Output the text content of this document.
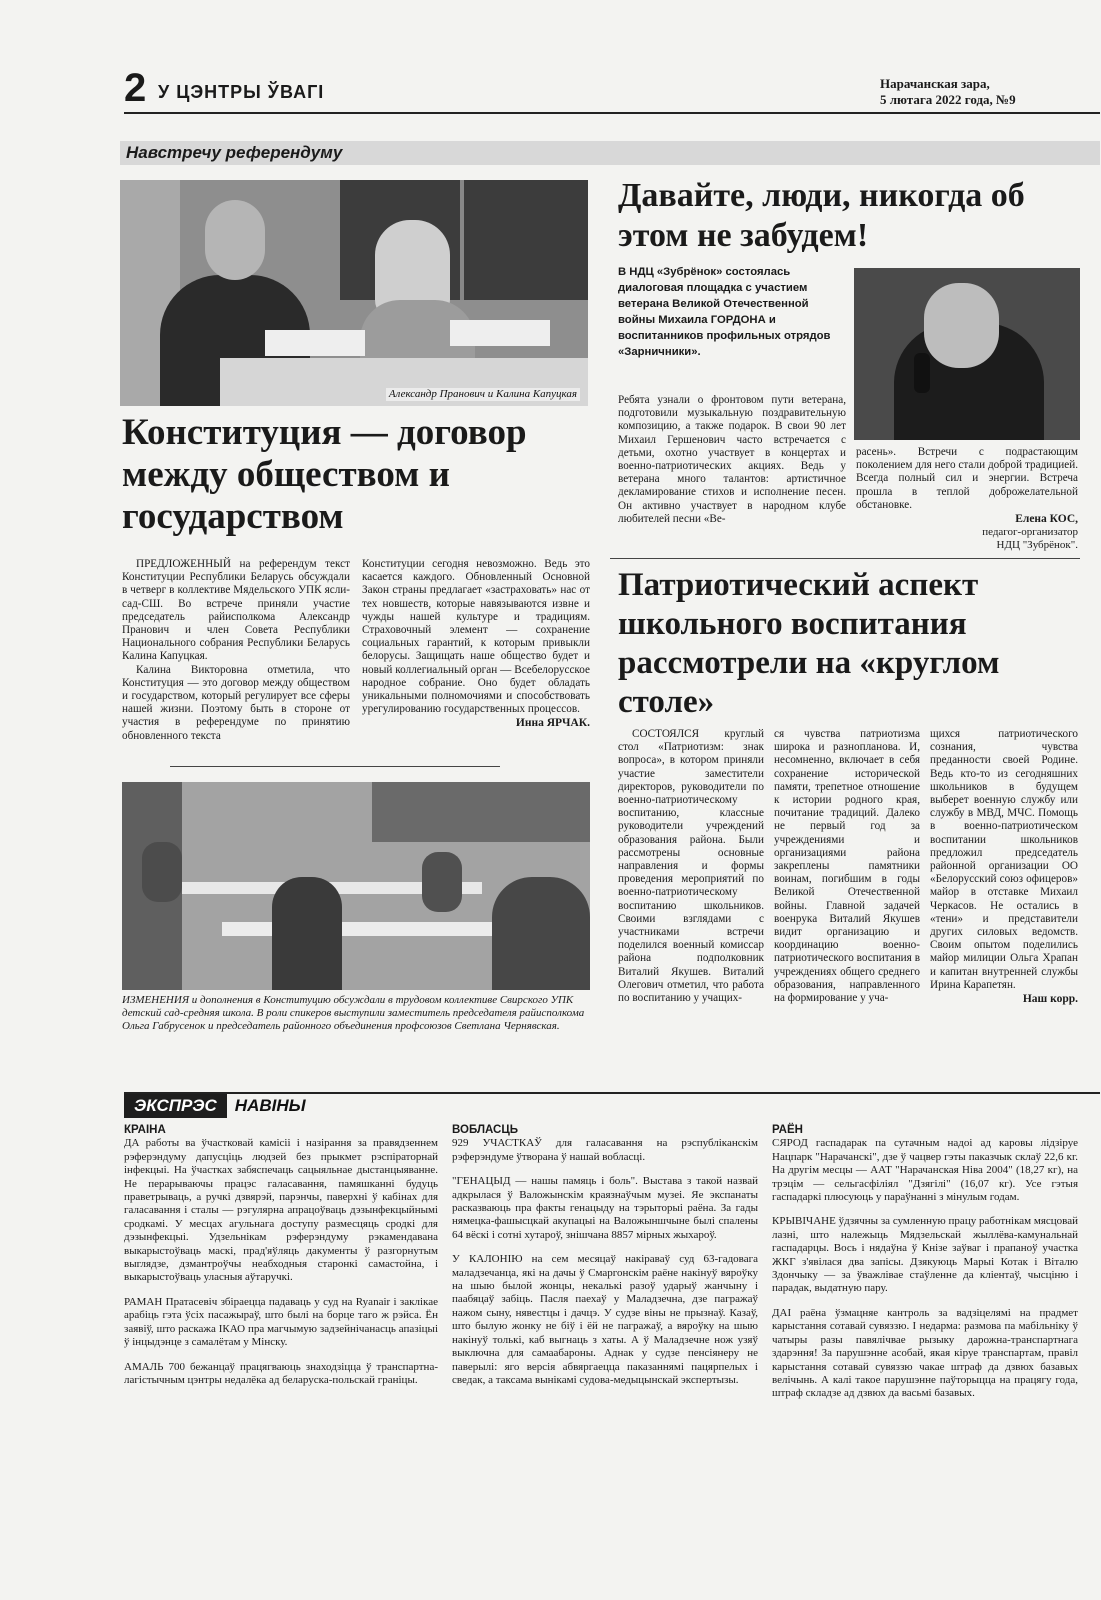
2 У ЦЭНТРЫ ЎВАГІ	Нарачанская зара,
5 лютага 2022 года, №9
Навстречу референдуму
Александр Пранович и Калина Капуцкая
Конституция — договор между обществом и государством

ПРЕДЛОЖЕННЫЙ на референдум текст Конституции Республики Беларусь обсуждали в четверг в коллективе Мядельского УПК ясли-сад-СШ. Во встрече приняли участие председатель райисполкома Александр Пранович и член Совета Республики Национального собрания Республики Беларусь Калина Капуцкая.

Калина Викторовна отметила, что Конституция — это договор между обществом и государством, который регулирует все сферы нашей жизни. Поэтому быть в стороне от участия в референдуме по принятию обновленного текста

Конституции сегодня невозможно. Ведь это касается каждого. Обновленный Основной Закон страны предлагает «застраховать» нас от тех новшеств, которые навязываются извне и чужды нашей культуре и традициям. Страховочный элемент — сохранение социальных гарантий, к которым привыкли белорусы. Защищать наше общество будет и новый коллегиальный орган — Всебелорусское народное собрание. Оно будет обладать уникальными полномочиями и способствовать урегулированию государственных процессов.

Инна ЯРЧАК.
ИЗМЕНЕНИЯ и дополнения в Конституцию обсуждали в трудовом коллективе Свирского УПК детский сад-средняя школа. В роли спикеров выступили заместитель председателя райисполкома Ольга Габрусенок и председатель районного объединения профсоюзов Светлана Чернявская.
Давайте, люди, никогда об этом не забудем!
В НДЦ «Зубрёнок» состоялась диалоговая площадка с участием ветерана Великой Отечественной войны Михаила ГОРДОНА и воспитанников профильных отрядов «Зарничники».
Ребята узнали о фронтовом пути ветерана, подготовили музыкальную поздравительную композицию, а также подарок. В свои 90 лет Михаил Гершенович часто встречается с детьми, охотно участвует в концертах и военно-патриотических акциях. Ведь у ветерана много талантов: артистичное декламирование стихов и исполнение песен. Он активно участвует в народном клубе любителей песни «Ве-
расень». Встречи с подрастающим поколением для него стали доброй традицией. Всегда полный сил и энергии. Встреча прошла в теплой доброжелательной обстановке.
Елена КОС,
педагог-организатор
НДЦ "Зубрёнок".
Патриотический аспект школьного воспитания рассмотрели на «круглом столе»

СОСТОЯЛСЯ круглый стол «Патриотизм: знак вопроса», в котором приняли участие заместители директоров, руководители по военно-патриотическому воспитанию, классные руководители учреждений образования района. Были рассмотрены основные направления и формы проведения мероприятий по военно-патриотическому воспитанию школьников. Своими взглядами с участниками встречи поделился военный комиссар района подполковник Виталий Якушев. Виталий Олегович отметил, что работа по воспитанию у учащих-

ся чувства патриотизма широка и разнопланова. И, несомненно, включает в себя сохранение исторической памяти, трепетное отношение к истории родного края, почитание традиций. Далеко не первый год за учреждениями и организациями района закреплены памятники воинам, погибшим в годы Великой Отечественной войны. Главной задачей военрука Виталий Якушев видит организацию и координацию военно-патриотического воспитания в учреждениях общего среднего образования, направленного на формирование у уча-

щихся патриотического сознания, чувства преданности своей Родине. Ведь кто-то из сегодняшних школьников в будущем выберет военную службу или службу в МВД, МЧС. Помощь в военно-патриотическом воспитании школьников предложил председатель районной организации ОО «Белорусский союз офицеров» майор в отставке Михаил Черкасов. Не остались в «тени» и представители других силовых ведомств. Своим опытом поделились майор милиции Ольга Храпан и капитан внутренней службы Ирина Карапетян.

Наш корр.
ЭКСПРЭС НАВІНЫ
КРАІНА

ДА работы ва ўчастковай камісіі і назірання за правядзеннем рэферэндуму дапусціць людзей без прыкмет рэспіраторнай інфекцыі. На ўчастках забяспечаць сацыяльнае дыстанцыяванне. Не перарываючы працэс галасавання, памяшканні будуць праветрываць, а ручкі дзвярэй, парэнчы, паверхні ў кабінах для галасавання і сталы — рэгулярна апрацоўваць дэзынфекцыйнымі сродкамі. У месцах агульнага доступу размесцяць сродкі для дэзынфекцыі. Удзельнікам рэферэндуму рэкамендавана выкарыстоўваць маскі, прад'яўляць дакументы ў разгорнутым выглядзе, дзмантроўчы неабходныя старонкі самастойна, і выкарыстоўваць уласныя аўтаручкі.

РАМАН Пратасевіч збіраецца падаваць у суд на Ryanair і заклікае арабіць гэта ўсіх пасажыраў, што былі на борце таго ж рэйса. Ён заявіў, што раскажа ІКАО пра магчымую задзейнічанасць апазіцыі ў інцыдэнце з самалётам у Мінску.

АМАЛЬ 700 бежанцаў працягваюць знаходзіцца ў транспартна-лагістычным цэнтры недалёка ад беларуска-польскай граніцы.

ВОБЛАСЦЬ

929 УЧАСТКАЎ для галасавання на рэспубліканскім рэферэндуме ўтворана ў нашай вобласці.

"ГЕНАЦЫД — нашы памяць і боль". Выстава з такой назвай адкрылася ў Валожынскім краязнаўчым музеі. Яе экспанаты расказваюць пра факты генацыду на тэрыторыі раёна. За гады нямецка-фашысцкай акупацыі на Валожыншчыне былі спалены 64 вёскі і сотні хутароў, знішчана 8857 мірных жыхароў.

У КАЛОНІЮ на сем месяцаў накіраваў суд 63-гадовага маладзечанца, які на дачы ў Смаргонскім раёне накінуў вяроўку на шыю былой жонцы, некалькі разоў ударыў жанчыну і паабяцаў забіць. Пасля паехаў у Маладзечна, дзе пагражаў нажом сыну, нявестцы і дачцэ. У судзе віны не прызнаў. Казаў, што былую жонку не біў і ёй не пагражаў, а вяроўку на шыю накінуў толькі, каб выгнаць з хаты. А ў Маладзечне нож узяў выключна для самаабароны. Аднак у судзе пенсіянеру не паверылі: яго версія абвяргаецца паказаннямі пацярпелых і сведак, а таксама вынікамі судова-медыцынскай экспертызы.

РАЁН

СЯРОД гаспадарак па сутачным надоі ад каровы лідзіруе Нацпарк "Нарачанскі", дзе ў чацвер гэты паказчык склаў 22,6 кг. На другім месцы — ААТ "Нарачанская Ніва 2004" (18,27 кг), на трэцім — сельгасфіліял "Дзягілі" (16,07 кг). Усе гэтыя гаспадаркі плюсуюць у параўнанні з мінулым годам.

КРЫВІЧАНЕ ўдзячны за сумленную працу работнікам мясцовай лазні, што належыць Мядзельскай жыллёва-камунальнай гаспадарцы. Вось і нядаўна ў Кнізе заўваг і прапаноў участка ЖКГ з'явілася два запісы. Дзякуюць Марыі Котак і Віталю Здончыку — за ўважлівае стаўленне да кліентаў, чысціню і парадак, выдатную пару.

ДАІ раёна ўзмацняе кантроль за вадзіцелямі на прадмет карыстання сотавай сувяззю. І недарма: размова па мабільніку ў чатыры разы павялічвае рызыку дарожна-транспартнага здарэння! За парушэнне асобай, якая кіруе транспартам, правіл карыстання сотавай сувяззю чакае штраф да дзвюх базавых велічынь. А калі такое парушэнне паўторыцца на працягу года, штраф складзе ад дзвюх да васьмі базавых.
